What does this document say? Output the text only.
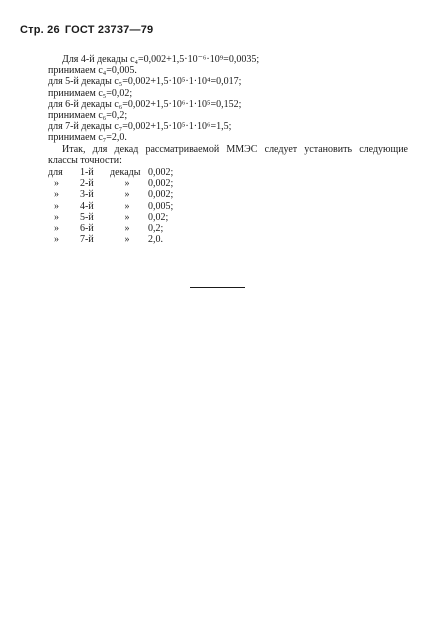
Стр. 26 ГОСТ 23737—79
Для 4-й декады с₄=0,002+1,5·10⁻⁶·10⁹=0,0035;
принимаем с₄=0,005.
для 5-й декады с₅=0,002+1,5·10⁵·1·10⁴=0,017;
принимаем с₅=0,02;
для 6-й декады с₆=0,002+1,5·10⁶·1·10⁵=0,152;
принимаем с₆=0,2;
для 7-й декады с₇=0,002+1,5·10⁵·1·10⁶=1,5;
принимаем с₇=2,0.
Итак, для декад рассматриваемой ММЭС следует установить следующие
классы точности:
для	1-й	декады	0,002;
»	2-й	»	0,002;
»	3-й	»	0,002;
»	4-й	»	0,005;
»	5-й	»	0,02;
»	6-й	»	0,2;
»	7-й	»	2,0.
